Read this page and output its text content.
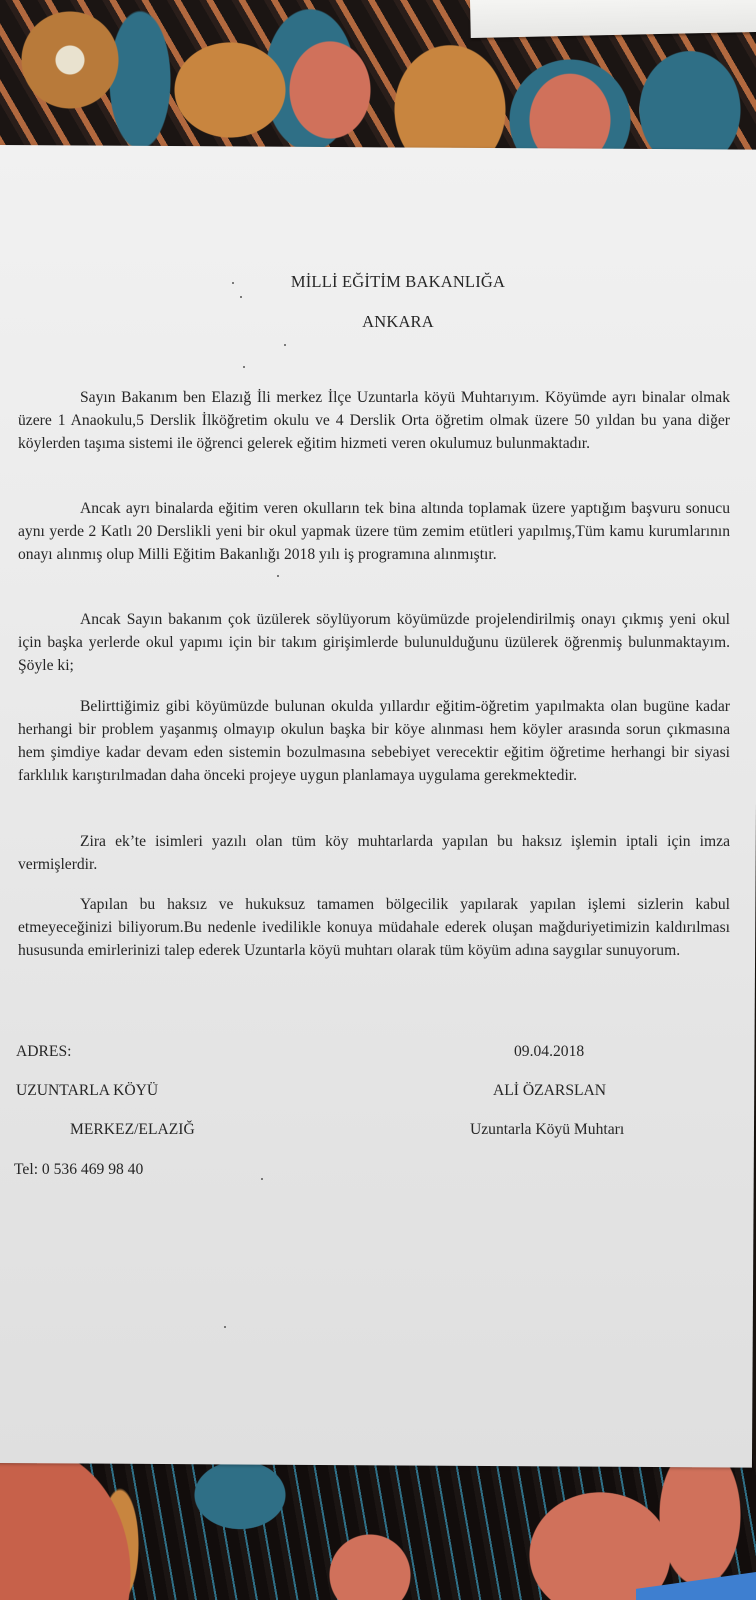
MİLLİ EĞİTİM BAKANLIĞA
ANKARA
Sayın Bakanım ben Elazığ İli merkez İlçe Uzuntarla köyü Muhtarıyım. Köyümde ayrı binalar olmak üzere 1 Anaokulu,5 Derslik İlköğretim okulu ve 4 Derslik Orta öğretim olmak üzere 50 yıldan bu yana diğer köylerden taşıma sistemi ile öğrenci gelerek eğitim hizmeti veren okulumuz bulunmaktadır.
Ancak ayrı binalarda eğitim veren okulların tek bina altında toplamak üzere yaptığım başvuru sonucu aynı yerde 2 Katlı 20 Derslikli yeni bir okul yapmak üzere tüm zemim etütleri yapılmış,Tüm kamu kurumlarının onayı alınmış olup Milli Eğitim Bakanlığı 2018 yılı iş programına alınmıştır.
Ancak Sayın bakanım çok üzülerek söylüyorum köyümüzde projelendirilmiş onayı çıkmış yeni okul için başka yerlerde okul yapımı için bir takım girişimlerde bulunulduğunu üzülerek öğrenmiş bulunmaktayım. Şöyle ki;
Belirttiğimiz gibi köyümüzde bulunan okulda yıllardır eğitim-öğretim yapılmakta olan bugüne kadar herhangi bir problem yaşanmış olmayıp okulun başka bir köye alınması hem köyler arasında sorun çıkmasına hem şimdiye kadar devam eden sistemin bozulmasına sebebiyet verecektir eğitim öğretime herhangi bir siyasi farklılık karıştırılmadan daha önceki projeye uygun planlamaya uygulama gerekmektedir.
Zira ek’te isimleri yazılı olan tüm köy muhtarlarda yapılan bu haksız işlemin iptali için imza vermişlerdir.
Yapılan bu haksız ve hukuksuz tamamen bölgecilik yapılarak yapılan işlemi sizlerin kabul etmeyeceğinizi biliyorum.Bu nedenle ivedilikle konuya müdahale ederek oluşan mağduriyetimizin kaldırılması hususunda emirlerinizi talep ederek Uzuntarla köyü muhtarı olarak tüm köyüm adına saygılar sunuyorum.
ADRES:
UZUNTARLA KÖYÜ
MERKEZ/ELAZIĞ
Tel: 0 536 469 98 40
09.04.2018
ALİ ÖZARSLAN
Uzuntarla Köyü Muhtarı
